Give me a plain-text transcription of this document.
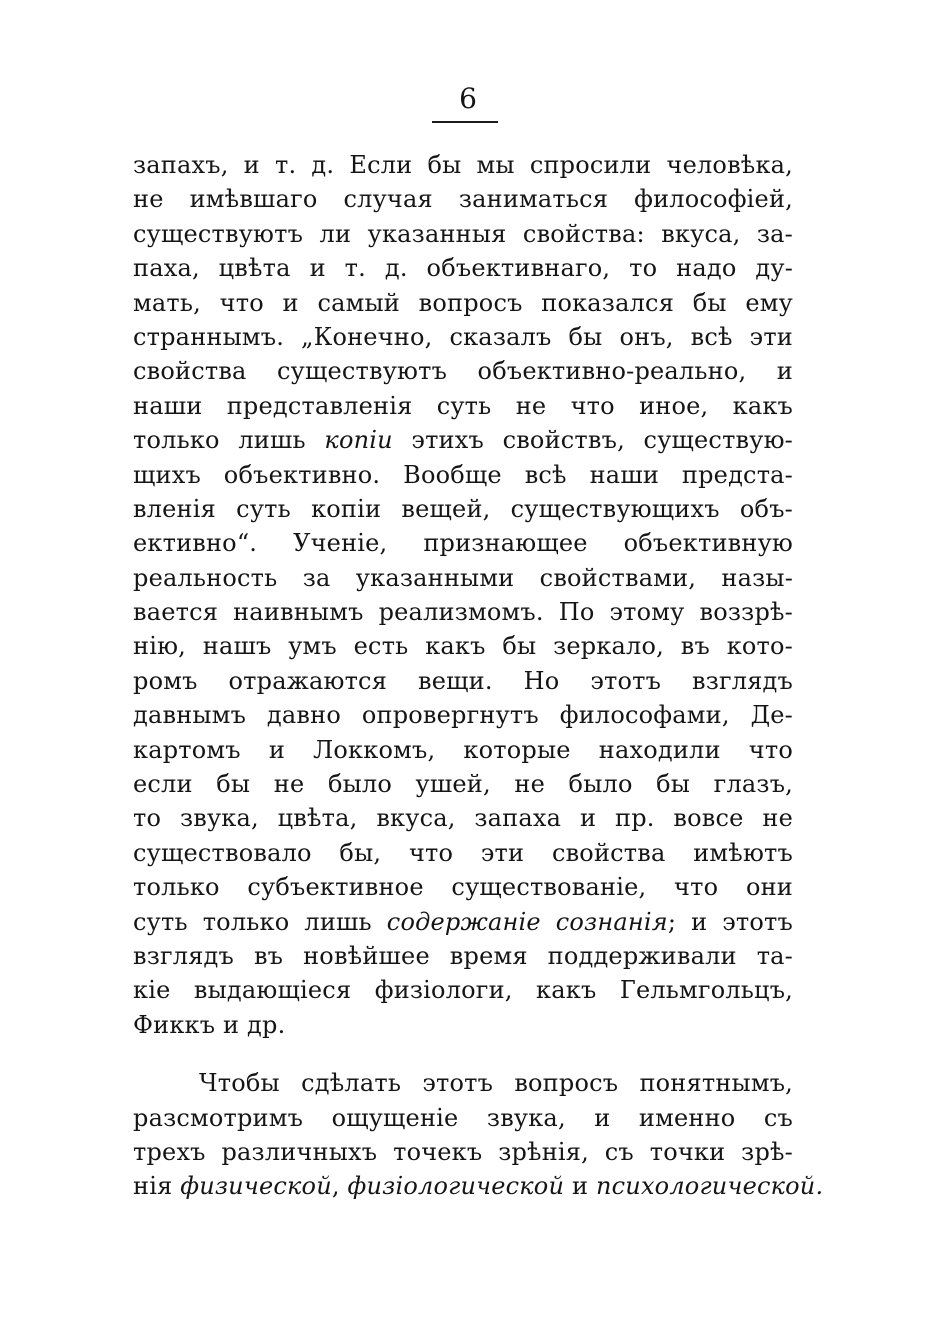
6
запахъ, и т. д. Если бы мы спросили человѣка,
не имѣвшаго случая заниматься философіей,
существуютъ ли указанныя свойства: вкуса, за-
паха, цвѣта и т. д. объективнаго, то надо ду-
мать, что и самый вопросъ показался бы ему
страннымъ. „Конечно, сказалъ бы онъ, всѣ эти
свойства существуютъ объективно-реально, и
наши представленія суть не что иное, какъ
только лишь копіи этихъ свойствъ, существую-
щихъ объективно. Вообще всѣ наши предста-
вленія суть копіи вещей, существующихъ объ-
ективно“. Ученіе, признающее объективную
реальность за указанными свойствами, назы-
вается наивнымъ реализмомъ. По этому воззрѣ-
нію, нашъ умъ есть какъ бы зеркало, въ кото-
ромъ отражаются вещи. Но этотъ взглядъ
давнымъ давно опровергнутъ философами, Де-
картомъ и Локкомъ, которые находили что
если бы не было ушей, не было бы глазъ,
то звука, цвѣта, вкуса, запаха и пр. вовсе не
существовало бы, что эти свойства имѣютъ
только субъективное существованіе, что они
суть только лишь содержаніе сознанія; и этотъ
взглядъ въ новѣйшее время поддерживали та-
кіе выдающіеся физіологи, какъ Гельмгольцъ,
Фиккъ и др.
Чтобы сдѣлать этотъ вопросъ понятнымъ,
разсмотримъ ощущеніе звука, и именно съ
трехъ различныхъ точекъ зрѣнія, съ точки зрѣ-
нія физической, физіологической и психологической.
